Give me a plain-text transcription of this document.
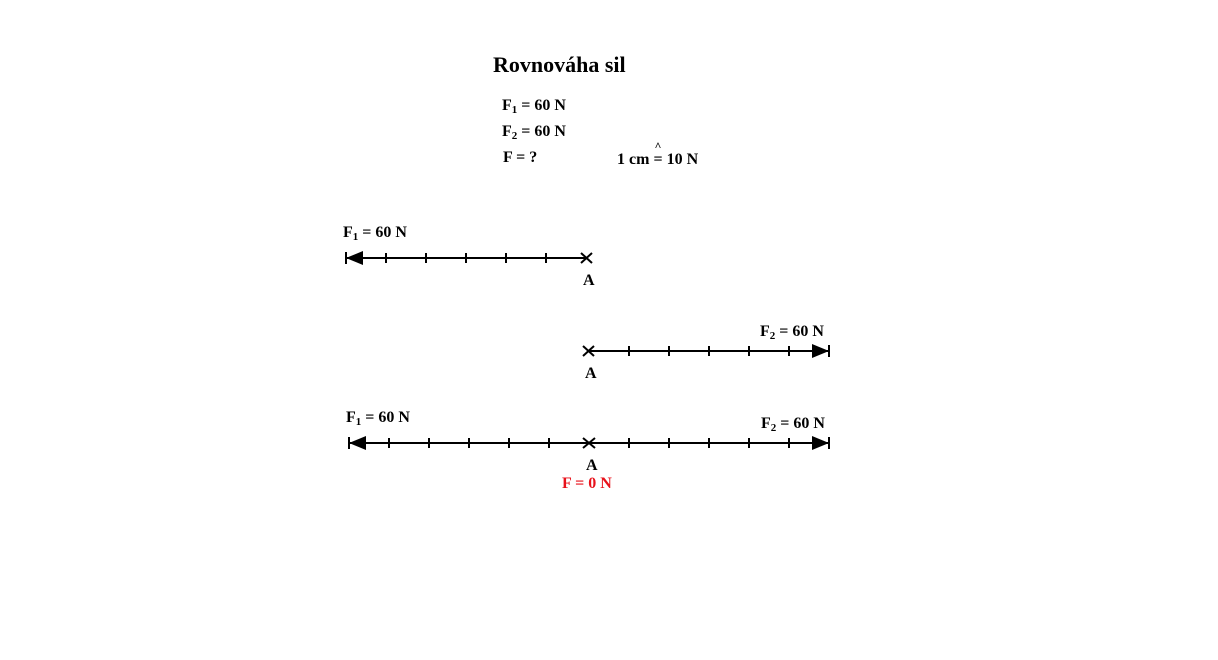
Rovnováha sil
$F_1 = 60$ N
$F_2 = 60$ N
F = ?	1 cm
^
= 10 N
$F_1 = 60$ N
A
$F_2 = 60$ N
A
$F_1 = 60$ N	$F_2 = 60$ N
A
F = 0 N
